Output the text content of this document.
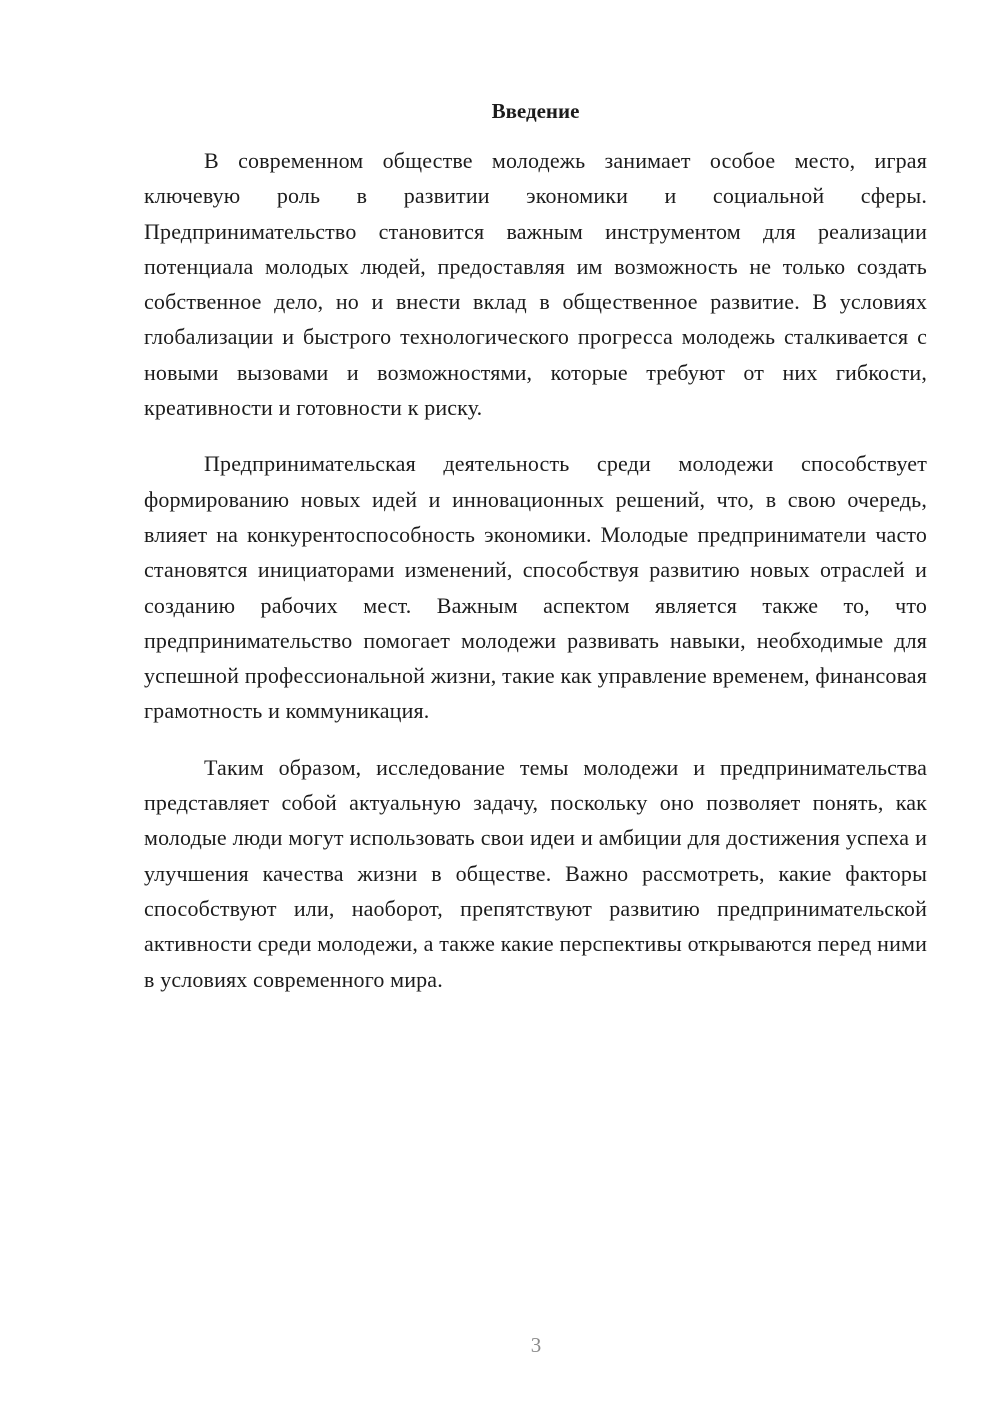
Введение

В современном обществе молодежь занимает особое место, играя ключевую роль в развитии экономики и социальной сферы. Предпринимательство становится важным инструментом для реализации потенциала молодых людей, предоставляя им возможность не только создать собственное дело, но и внести вклад в общественное развитие. В условиях глобализации и быстрого технологического прогресса молодежь сталкивается с новыми вызовами и возможностями, которые требуют от них гибкости, креативности и готовности к риску.

Предпринимательская деятельность среди молодежи способствует формированию новых идей и инновационных решений, что, в свою очередь, влияет на конкурентоспособность экономики. Молодые предприниматели часто становятся инициаторами изменений, способствуя развитию новых отраслей и созданию рабочих мест. Важным аспектом является также то, что предпринимательство помогает молодежи развивать навыки, необходимые для успешной профессиональной жизни, такие как управление временем, финансовая грамотность и коммуникация.

Таким образом, исследование темы молодежи и предпринимательства представляет собой актуальную задачу, поскольку оно позволяет понять, как молодые люди могут использовать свои идеи и амбиции для достижения успеха и улучшения качества жизни в обществе. Важно рассмотреть, какие факторы способствуют или, наоборот, препятствуют развитию предпринимательской активности среди молодежи, а также какие перспективы открываются перед ними в условиях современного мира.

3
